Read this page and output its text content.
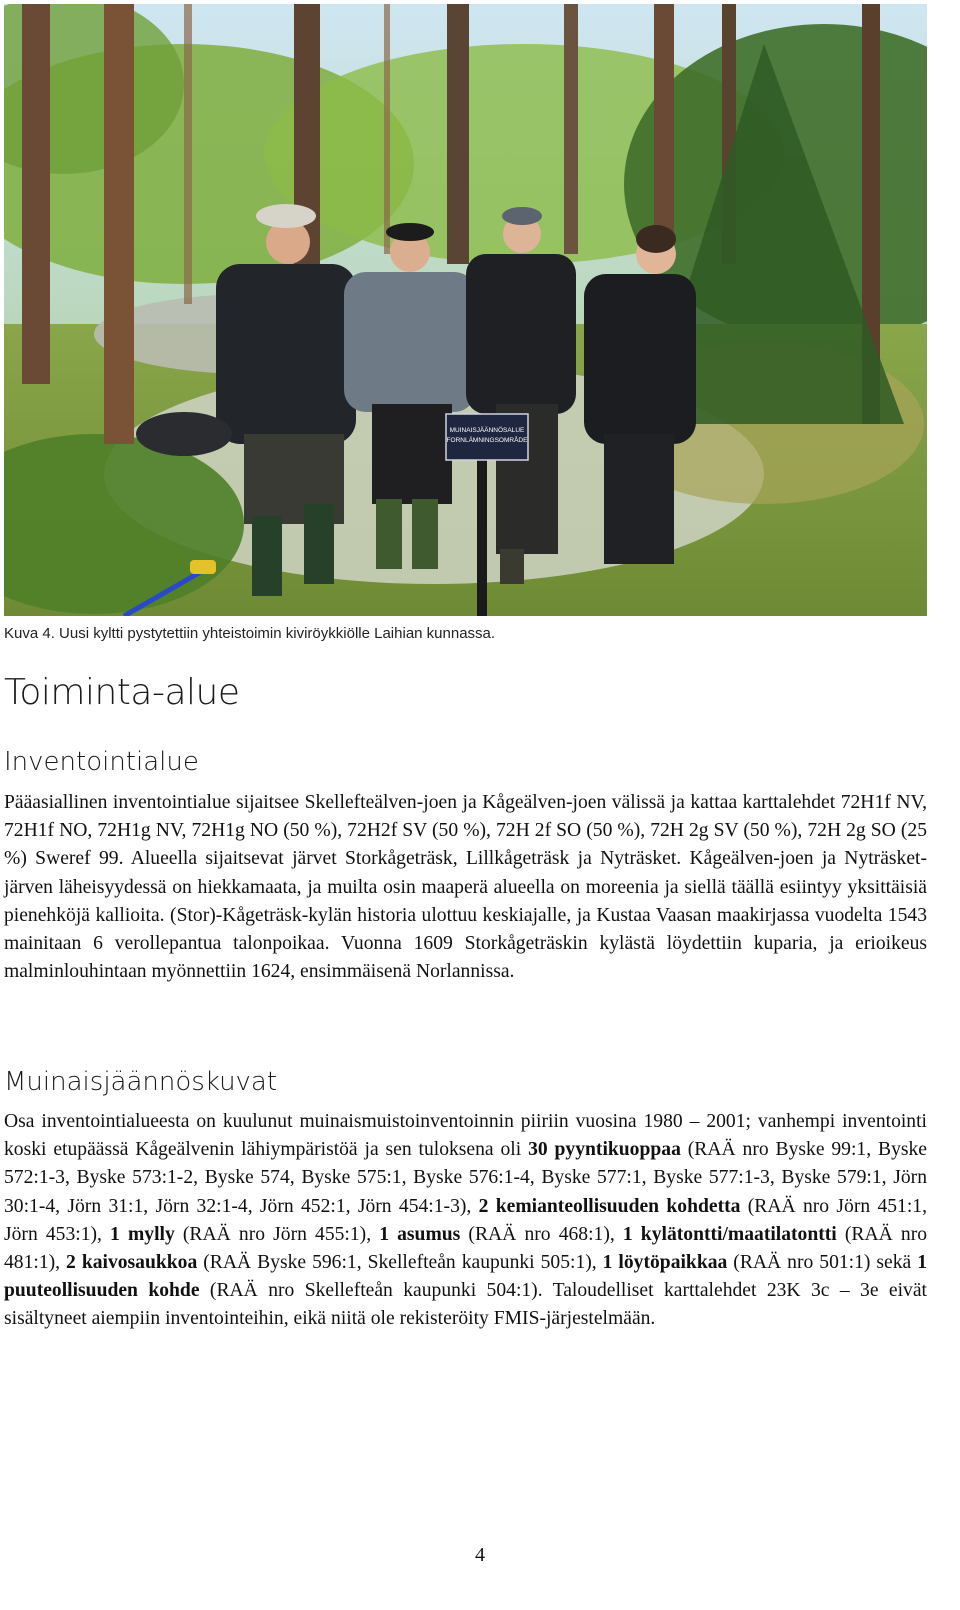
MUINAISJÄÄNNÖSALUE
FORNLÄMNINGSOMRÅDE
Kuva 4. Uusi kyltti pystytettiin yhteistoimin kiviröykkiölle Laihian kunnassa.
Toiminta-alue
Inventointialue

Pääasiallinen inventointialue sijaitsee Skellefteälven-joen ja Kågeälven-joen välissä ja kattaa karttalehdet 72H1f NV, 72H1f NO, 72H1g NV, 72H1g NO (50 %), 72H2f SV (50 %), 72H 2f SO (50 %), 72H 2g SV (50 %), 72H 2g SO (25 %) Sweref 99. Alueella sijaitsevat järvet Storkågeträsk, Lillkågeträsk ja Nyträsket. Kågeälven-joen ja Nyträsket-järven läheisyydessä on hiekkamaata, ja muilta osin maaperä alueella on moreenia ja siellä täällä esiintyy yksittäisiä pienehköjä kallioita. (Stor)-Kågeträsk-kylän historia ulottuu keskiajalle, ja Kustaa Vaasan maakirjassa vuodelta 1543 mainitaan 6 verollepantua talonpoikaa. Vuonna 1609 Storkågeträskin kylästä löydettiin kuparia, ja erioikeus malminlouhintaan myönnettiin 1624, ensimmäisenä Norlannissa.

Muinaisjäännöskuvat

Osa inventointialueesta on kuulunut muinaismuistoinventoinnin piiriin vuosina 1980 – 2001; vanhempi inventointi koski etupäässä Kågeälvenin lähiympäristöä ja sen tuloksena oli 30 pyyntikuoppaa (RAÄ nro Byske 99:1, Byske 572:1-3, Byske 573:1-2, Byske 574, Byske 575:1, Byske 576:1-4, Byske 577:1, Byske 577:1-3, Byske 579:1, Jörn 30:1-4, Jörn 31:1, Jörn 32:1-4, Jörn 452:1, Jörn 454:1-3), 2 kemianteollisuuden kohdetta (RAÄ nro Jörn 451:1, Jörn 453:1), 1 mylly (RAÄ nro Jörn 455:1), 1 asumus (RAÄ nro 468:1), 1 kylätontti/maatilatontti (RAÄ nro 481:1), 2 kaivosaukkoa (RAÄ Byske 596:1, Skellefteån kaupunki 505:1), 1 löytöpaikkaa (RAÄ nro 501:1) sekä 1 puuteollisuuden kohde (RAÄ nro Skellefteån kaupunki 504:1). Taloudelliset karttalehdet 23K 3c – 3e eivät sisältyneet aiempiin inventointeihin, eikä niitä ole rekisteröity FMIS-järjestelmään.

4
